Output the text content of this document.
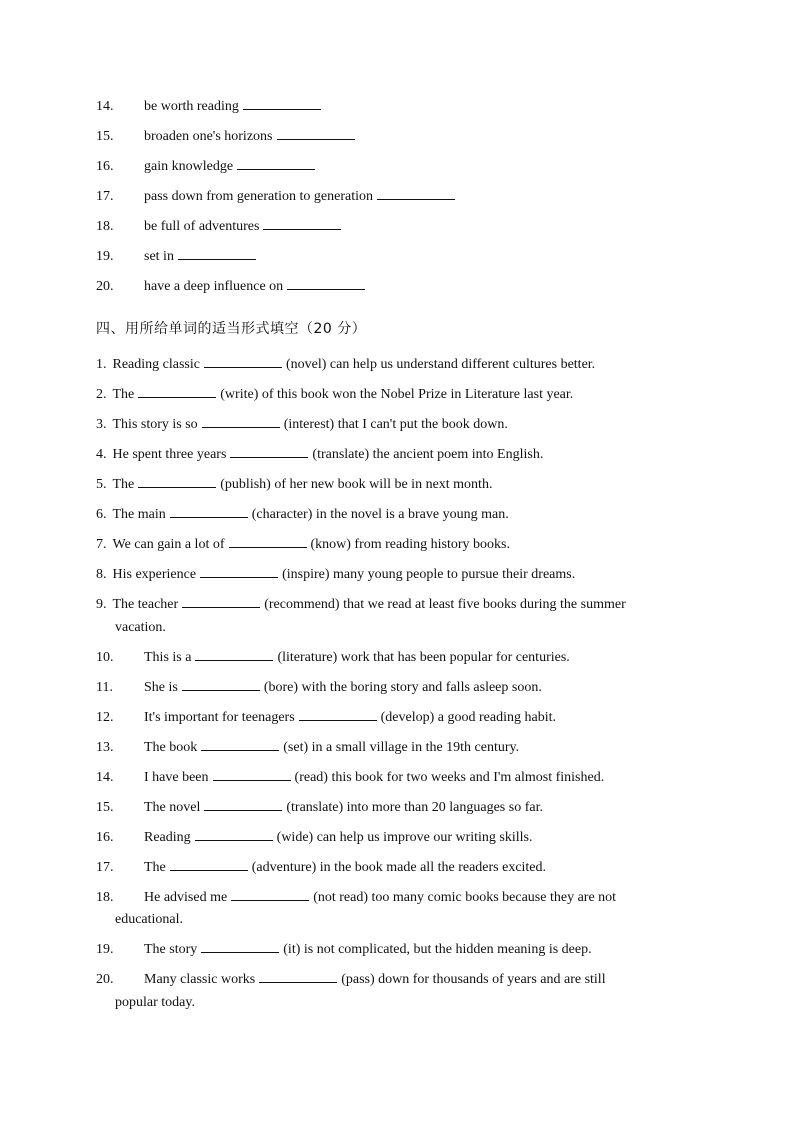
14. be worth reading
15. broaden one's horizons
16. gain knowledge
17. pass down from generation to generation
18. be full of adventures
19. set in
20. have a deep influence on
四、用所给单词的适当形式填空（20 分）
1. Reading classic	(novel) can help us understand different cultures better.
2. The	(write) of this book won the Nobel Prize in Literature last year.
3. This story is so	(interest) that I can't put the book down.
4. He spent three years	(translate) the ancient poem into English.
5. The	(publish) of her new book will be in next month.
6. The main	(character) in the novel is a brave young man.
7. We can gain a lot of	(know) from reading history books.
8. His experience	(inspire) many young people to pursue their dreams.
9. The teacher	(recommend) that we read at least five books during the summer
vacation.
10. This is a	(literature) work that has been popular for centuries.
11. She is	(bore) with the boring story and falls asleep soon.
12. It's important for teenagers	(develop) a good reading habit.
13. The book	(set) in a small village in the 19th century.
14. I have been	(read) this book for two weeks and I'm almost finished.
15. The novel	(translate) into more than 20 languages so far.
16. Reading	(wide) can help us improve our writing skills.
17. The	(adventure) in the book made all the readers excited.
18. He advised me	(not read) too many comic books because they are not
educational.
19. The story	(it) is not complicated, but the hidden meaning is deep.
20. Many classic works	(pass) down for thousands of years and are still
popular today.
